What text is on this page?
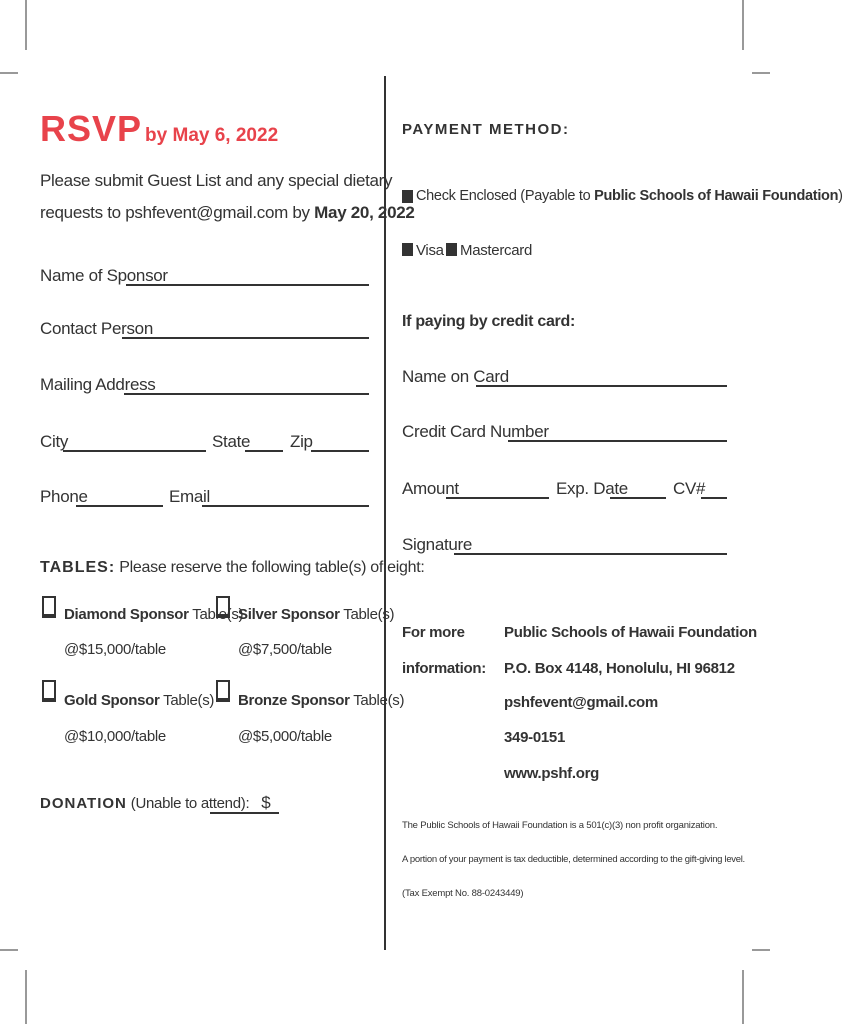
RSVP by May 6, 2022
Please submit Guest List and any special dietary
requests to pshfevent@gmail.com by May 20, 2022
Name of Sponsor
Contact Person
Mailing Address
City	State Zip
Phone	Email
TABLES: Please reserve the following table(s) of eight:
Diamond Sponsor Table(s)
@$15,000/table
Silver Sponsor Table(s)
@$7,500/table
Gold Sponsor Table(s)
@$10,000/table
Bronze Sponsor Table(s)
@$5,000/table
DONATION (Unable to attend): $
PAYMENT METHOD:
Check Enclosed (Payable to Public Schools of Hawaii Foundation)
Visa Mastercard
If paying by credit card:
Name on Card
Credit Card Number
Amount	Exp. Date	CV#
Signature
For more
information:
Public Schools of Hawaii Foundation
P.O. Box 4148, Honolulu, HI 96812
pshfevent@gmail.com
349-0151
www.pshf.org
The Public Schools of Hawaii Foundation is a 501(c)(3) non profit organization.
A portion of your payment is tax deductible, determined according to the gift-giving level.
(Tax Exempt No. 88-0243449)
